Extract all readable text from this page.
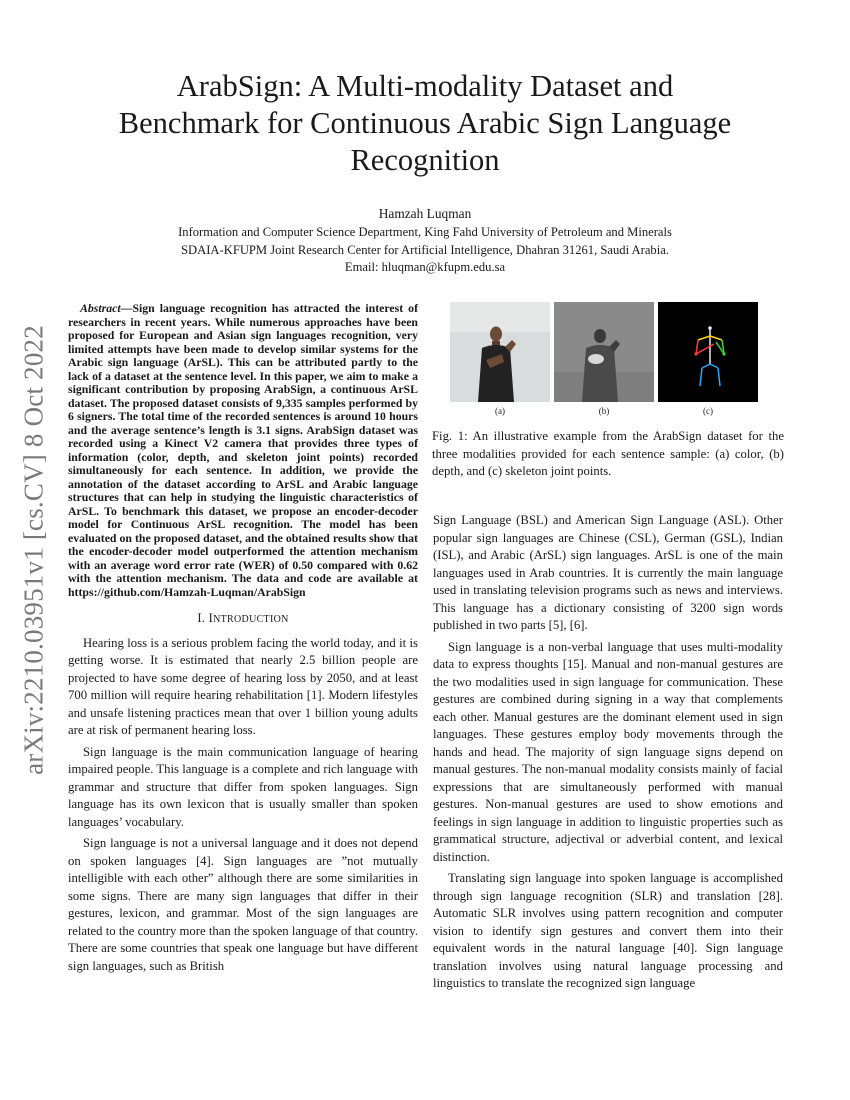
ArabSign: A Multi-modality Dataset and
Benchmark for Continuous Arabic Sign Language
Recognition
Hamzah Luqman
Information and Computer Science Department, King Fahd University of Petroleum and Minerals
SDAIA-KFUPM Joint Research Center for Artificial Intelligence, Dhahran 31261, Saudi Arabia.
Email: hluqman@kfupm.edu.sa
arXiv:2210.03951v1 [cs.CV] 8 Oct 2022

Abstract—Sign language recognition has attracted the interest of researchers in recent years. While numerous approaches have been proposed for European and Asian sign languages recognition, very limited attempts have been made to develop similar systems for the Arabic sign language (ArSL). This can be attributed partly to the lack of a dataset at the sentence level. In this paper, we aim to make a significant contribution by proposing ArabSign, a continuous ArSL dataset. The proposed dataset consists of 9,335 samples performed by 6 signers. The total time of the recorded sentences is around 10 hours and the average sentence’s length is 3.1 signs. ArabSign dataset was recorded using a Kinect V2 camera that provides three types of information (color, depth, and skeleton joint points) recorded simultaneously for each sentence. In addition, we provide the annotation of the dataset according to ArSL and Arabic language structures that can help in studying the linguistic characteristics of ArSL. To benchmark this dataset, we propose an encoder-decoder model for Continuous ArSL recognition. The model has been evaluated on the proposed dataset, and the obtained results show that the encoder-decoder model outperformed the attention mechanism with an average word error rate (WER) of 0.50 compared with 0.62 with the attention mechanism. The data and code are available at https://github.com/Hamzah-Luqman/ArabSign

I. INTRODUCTION

Hearing loss is a serious problem facing the world today, and it is getting worse. It is estimated that nearly 2.5 billion people are projected to have some degree of hearing loss by 2050, and at least 700 million will require hearing rehabilitation [1]. Modern lifestyles and unsafe listening practices mean that over 1 billion young adults are at risk of permanent hearing loss.

Sign language is the main communication language of hearing impaired people. This language is a complete and rich language with grammar and structure that differ from spoken languages. Sign language has its own lexicon that is usually smaller than spoken languages’ vocabulary.

Sign language is not a universal language and it does not depend on spoken languages [4]. Sign languages are ”not mutually intelligible with each other” although there are some similarities in some signs. There are many sign languages that differ in their gestures, lexicon, and grammar. Most of the sign languages are related to the country more than the spoken language of that country. There are some countries that speak one language but have different sign languages, such as British

(a)	(b)	(c)
Fig. 1: An illustrative example from the ArabSign dataset for the three modalities provided for each sentence sample: (a) color, (b) depth, and (c) skeleton joint points.

Sign Language (BSL) and American Sign Language (ASL). Other popular sign languages are Chinese (CSL), German (GSL), Indian (ISL), and Arabic (ArSL) sign languages. ArSL is one of the main languages used in Arab countries. It is currently the main language used in translating television programs such as news and interviews. This language has a dictionary consisting of 3200 sign words published in two parts [5], [6].

Sign language is a non-verbal language that uses multi-modality data to express thoughts [15]. Manual and non-manual gestures are the two modalities used in sign language for communication. These gestures are combined during signing in a way that complements each other. Manual gestures are the dominant element used in sign languages. These gestures employ body movements through the hands and head. The majority of sign language signs depend on manual gestures. The non-manual modality consists mainly of facial expressions that are simultaneously performed with manual gestures. Non-manual gestures are used to show emotions and feelings in sign language in addition to linguistic properties such as grammatical structure, adjectival or adverbial content, and lexical distinction.

Translating sign language into spoken language is accomplished through sign language recognition (SLR) and translation [28]. Automatic SLR involves using pattern recognition and computer vision to identify sign gestures and convert them into their equivalent words in the natural language [40]. Sign language translation involves using natural language processing and linguistics to translate the recognized sign language
